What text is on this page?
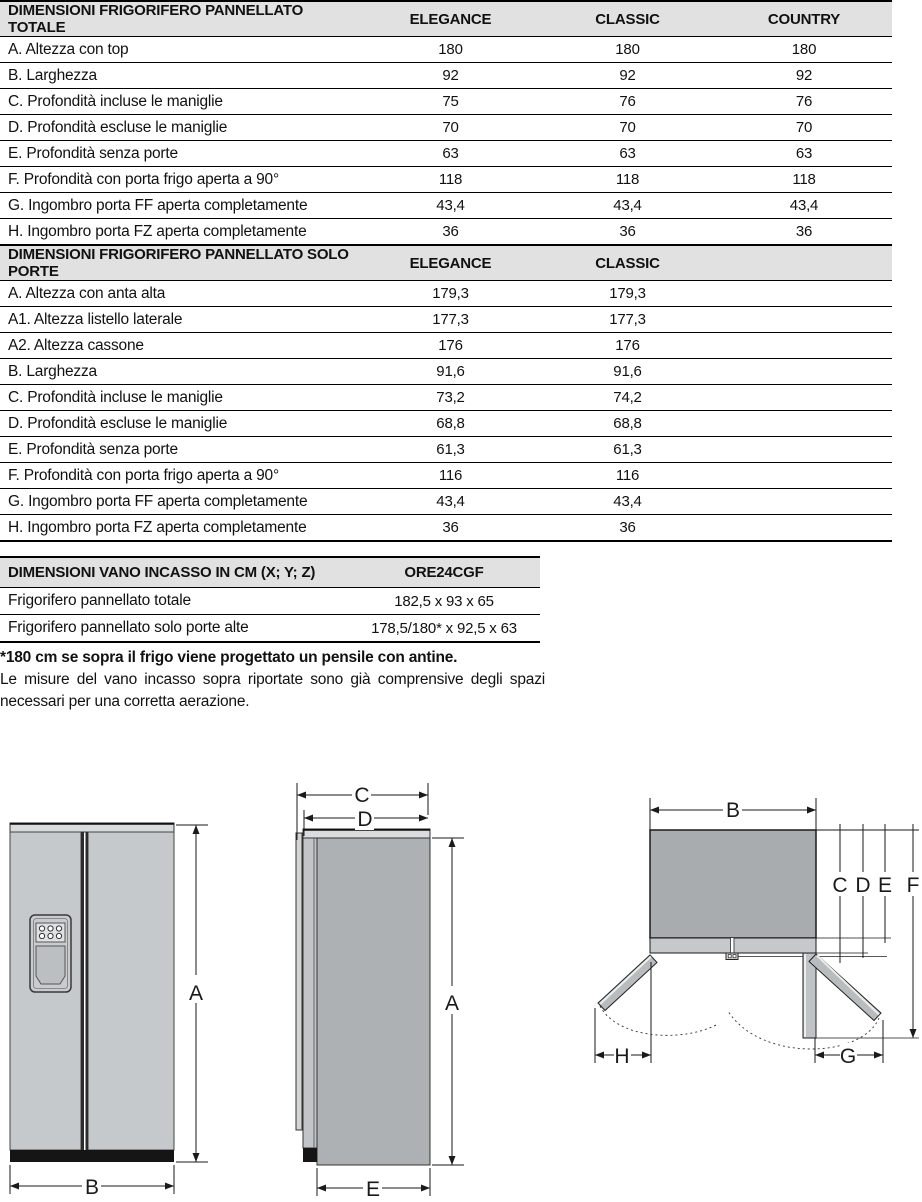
DIMENSIONI FRIGORIFERO PANNELLATO TOTALE	ELEGANCE	CLASSIC	COUNTRY
A. Altezza con top	180	180	180
B. Larghezza	92	92	92
C. Profondità incluse le maniglie	75	76	76
D. Profondità escluse le maniglie	70	70	70
E. Profondità senza porte	63	63	63
F. Profondità con porta frigo aperta a 90°	118	118	118
G. Ingombro porta FF aperta completamente	43,4	43,4	43,4
H. Ingombro porta FZ aperta completamente	36	36	36
DIMENSIONI FRIGORIFERO PANNELLATO SOLO PORTE	ELEGANCE	CLASSIC	
A. Altezza con anta alta	179,3	179,3	
A1. Altezza listello laterale	177,3	177,3	
A2. Altezza cassone	176	176	
B. Larghezza	91,6	91,6	
C. Profondità incluse le maniglie	73,2	74,2	
D. Profondità escluse le maniglie	68,8	68,8	
E. Profondità senza porte	61,3	61,3	
F. Profondità con porta frigo aperta a 90°	116	116	
G. Ingombro porta FF aperta completamente	43,4	43,4	
H. Ingombro porta FZ aperta completamente	36	36	
DIMENSIONI VANO INCASSO IN CM (X; Y; Z)	ORE24CGF
Frigorifero pannellato totale	182,5 x 93 x 65
Frigorifero pannellato solo porte alte	178,5/180* x 92,5 x 63
*180 cm se sopra il frigo viene progettato un pensile con antine.
Le misure del vano incasso sopra riportate sono già comprensive degli spazi necessari per una corretta aerazione.
A
B
C
D
A
E
B
C D E F
H	G
